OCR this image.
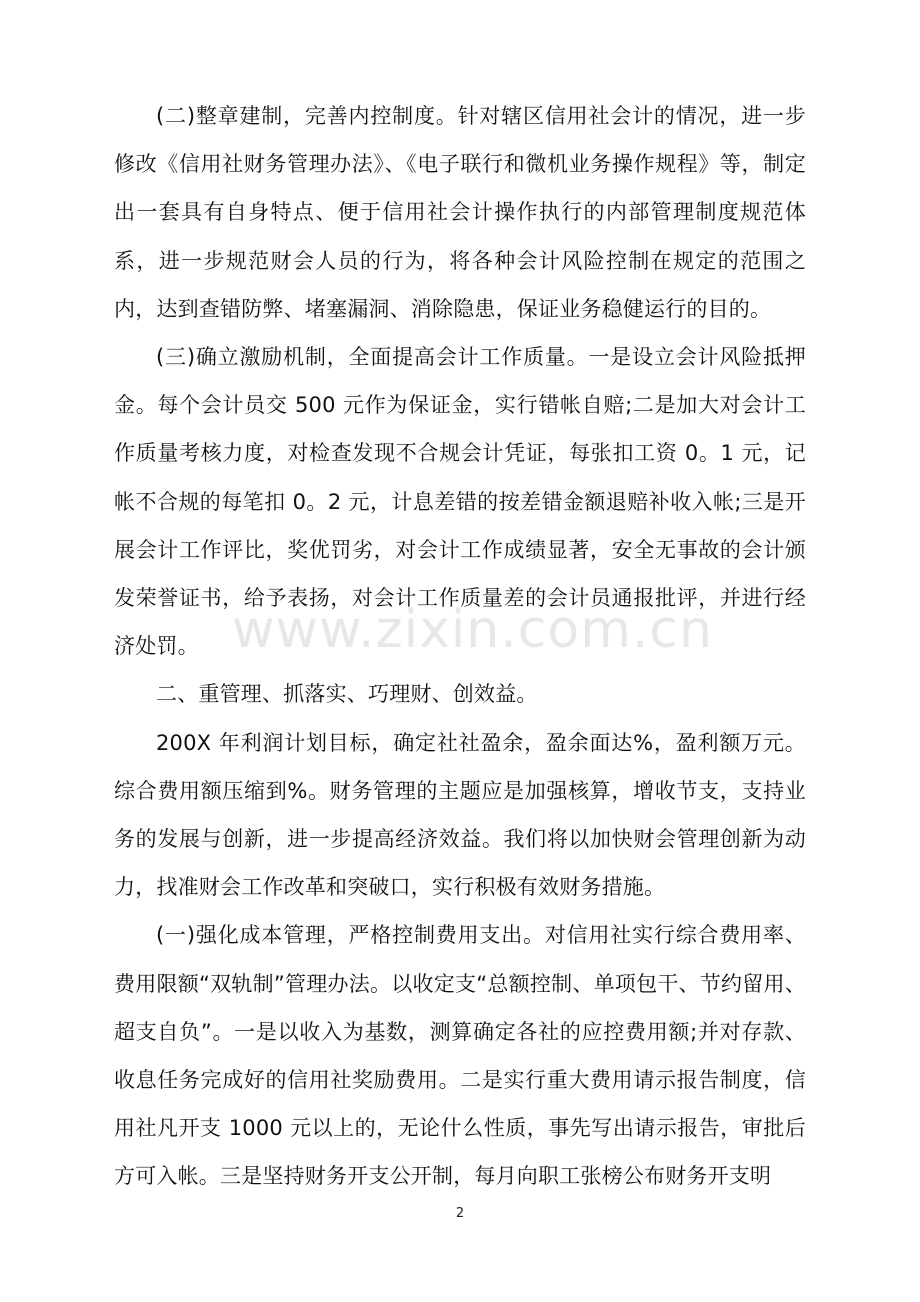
(二)整章建制，完善内控制度。针对辖区信用社会计的情况，进一步修改《信用社财务管理办法》、《电子联行和微机业务操作规程》等，制定出一套具有自身特点、便于信用社会计操作执行的内部管理制度规范体系，进一步规范财会人员的行为，将各种会计风险控制在规定的范围之内，达到查错防弊、堵塞漏洞、消除隐患，保证业务稳健运行的目的。

(三)确立激励机制，全面提高会计工作质量。一是设立会计风险抵押金。每个会计员交 500 元作为保证金，实行错帐自赔;二是加大对会计工作质量考核力度，对检查发现不合规会计凭证，每张扣工资 0。1 元，记帐不合规的每笔扣 0。2 元，计息差错的按差错金额退赔补收入帐;三是开展会计工作评比，奖优罚劣，对会计工作成绩显著，安全无事故的会计颁发荣誉证书，给予表扬，对会计工作质量差的会计员通报批评，并进行经济处罚。

二、重管理、抓落实、巧理财、创效益。

200X 年利润计划目标，确定社社盈余，盈余面达%，盈利额万元。综合费用额压缩到%。财务管理的主题应是加强核算，增收节支，支持业务的发展与创新，进一步提高经济效益。我们将以加快财会管理创新为动力，找准财会工作改革和突破口，实行积极有效财务措施。

(一)强化成本管理，严格控制费用支出。对信用社实行综合费用率、费用限额“双轨制”管理办法。以收定支“总额控制、单项包干、节约留用、超支自负”。一是以收入为基数，测算确定各社的应控费用额;并对存款、收息任务完成好的信用社奖励费用。二是实行重大费用请示报告制度，信用社凡开支 1000 元以上的，无论什么性质，事先写出请示报告，审批后方可入帐。三是坚持财务开支公开制，每月向职工张榜公布财务开支明

www.zixin.com.cn
2
